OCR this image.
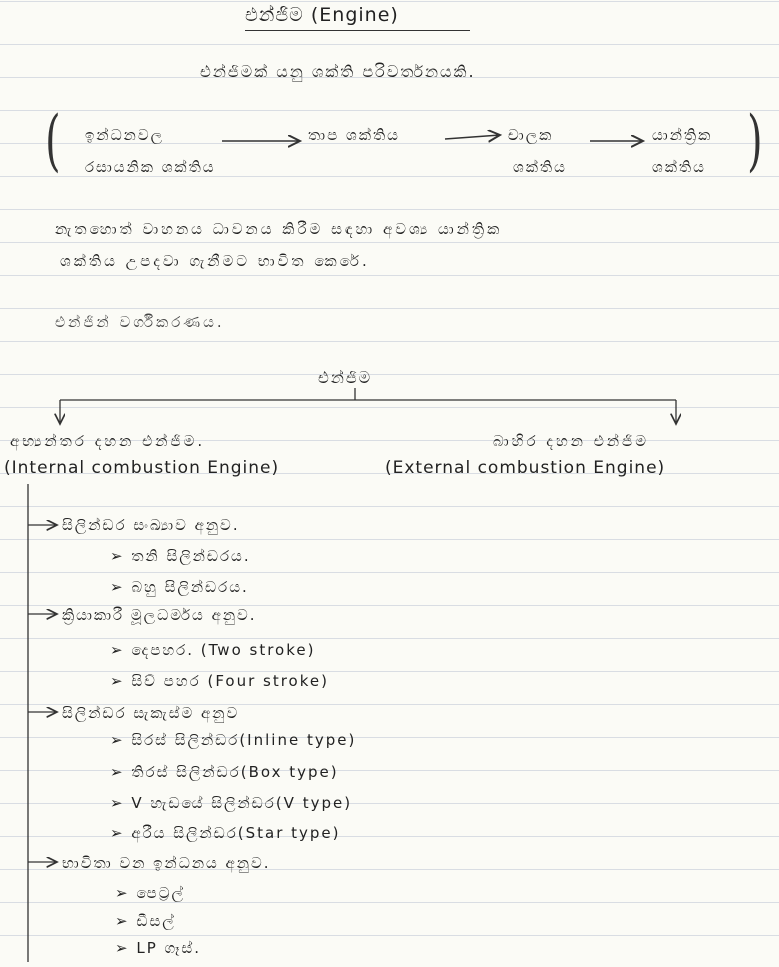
එන්ජිම (Engine)
එන්ජිමක් යනු ශක්ති පරිවර්තනයකි.
(	)
ඉන්ධනවල
රසායනික ශක්තිය
තාප ශක්තිය	චාලක
ශක්තිය
යාන්ත්‍රික
ශක්තිය
නැතහොත් වාහනය ධාවනය කිරීම සඳහා අවශ්‍ය යාන්ත්‍රික
ශක්තිය උපදවා ගැනීමට භාවිත කෙරේ.
එන්ජින් වර්ගීකරණය.
එන්ජිම
අභ්‍යන්තර දහන එන්ජිම.
(Internal combustion Engine)
බාහිර දහන එන්ජිම
(External combustion Engine)
සිලින්ඩර සංඛ්‍යාව අනුව.
➢ තනි සිලින්ඩරය.
➢ බහු සිලින්ඩරය.
ක්‍රියාකාරී මූලධර්මය අනුව.
➢ දෙපහර. (Two stroke)
➢ සිව් පහර (Four stroke)
සිලින්ඩර සැකැස්ම අනුව
➢ සිරස් සිලින්ඩර(Inline type)
➢ තිරස් සිලින්ඩර(Box type)
➢ V හැඩයේ සිලින්ඩර(V type)
➢ අරීය සිලින්ඩර(Star type)
භාවිතා වන ඉන්ධනය අනුව.
➢ පෙට්‍රල්
➢ ඩීසල්
➢ LP ගෑස්.
